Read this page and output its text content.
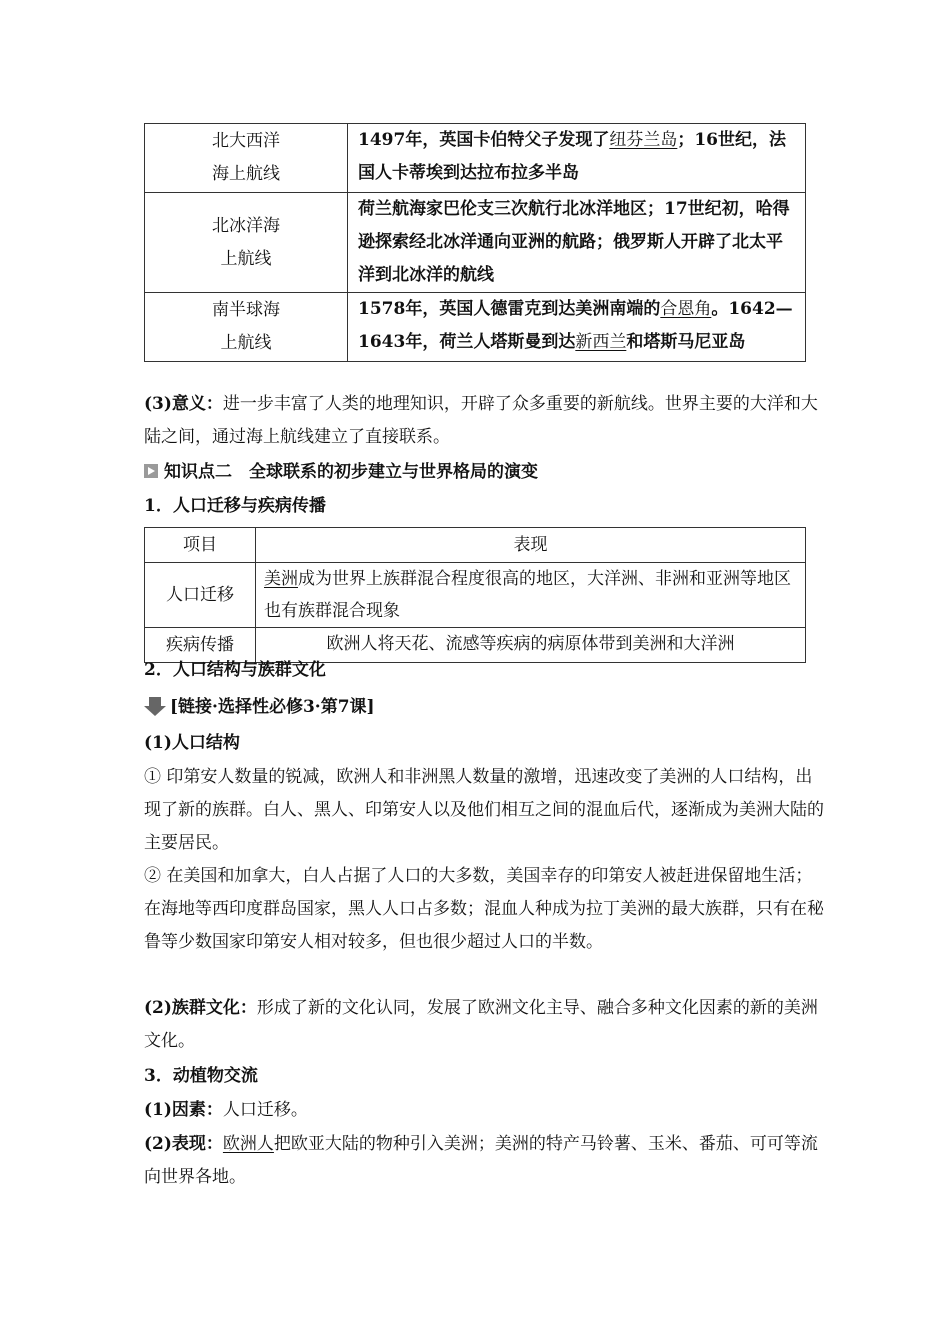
北大西洋
海上航线	1497年，英国卡伯特父子发现了纽芬兰岛；16世纪，法国人卡蒂埃到达拉布拉多半岛
北冰洋海
上航线	荷兰航海家巴伦支三次航行北冰洋地区；17世纪初，哈得逊探索经北冰洋通向亚洲的航路；俄罗斯人开辟了北太平洋到北冰洋的航线
南半球海
上航线	1578年，英国人德雷克到达美洲南端的合恩角。1642—1643年，荷兰人塔斯曼到达新西兰和塔斯马尼亚岛
(3)意义：进一步丰富了人类的地理知识，开辟了众多重要的新航线。世界主要的大洋和大陆之间，通过海上航线建立了直接联系。
知识点二　全球联系的初步建立与世界格局的演变
1．人口迁移与疾病传播
项目	表现
人口迁移	美洲成为世界上族群混合程度很高的地区，大洋洲、非洲和亚洲等地区也有族群混合现象
疾病传播	欧洲人将天花、流感等疾病的病原体带到美洲和大洋洲
2．人口结构与族群文化
[链接·选择性必修3·第7课]
(1)人口结构
① 印第安人数量的锐减，欧洲人和非洲黑人数量的激增，迅速改变了美洲的人口结构，出现了新的族群。白人、黑人、印第安人以及他们相互之间的混血后代，逐渐成为美洲大陆的主要居民。
② 在美国和加拿大，白人占据了人口的大多数，美国幸存的印第安人被赶进保留地生活；在海地等西印度群岛国家，黑人人口占多数；混血人种成为拉丁美洲的最大族群，只有在秘鲁等少数国家印第安人相对较多，但也很少超过人口的半数。
(2)族群文化：形成了新的文化认同，发展了欧洲文化主导、融合多种文化因素的新的美洲文化。
3．动植物交流
(1)因素：人口迁移。
(2)表现：欧洲人把欧亚大陆的物种引入美洲；美洲的特产马铃薯、玉米、番茄、可可等流向世界各地。
